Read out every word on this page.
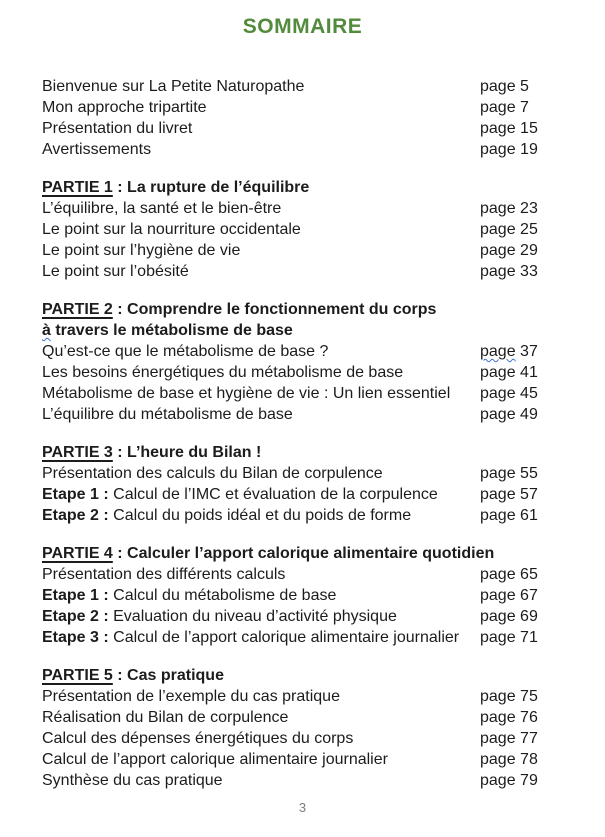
SOMMAIRE
Bienvenue sur La Petite Naturopathe	page 5
Mon approche tripartite	page 7
Présentation du livret	page 15
Avertissements	page 19
PARTIE 1 : La rupture de l’équilibre
L’équilibre, la santé et le bien-être	page 23
Le point sur la nourriture occidentale	page 25
Le point sur l’hygiène de vie	page 29
Le point sur l’obésité	page 33
PARTIE 2 : Comprendre le fonctionnement du corps
à travers le métabolisme de base
Qu’est-ce que le métabolisme de base ?	page 37
Les besoins énergétiques du métabolisme de base	page 41
Métabolisme de base et hygiène de vie : Un lien essentiel	page 45
L’équilibre du métabolisme de base	page 49
PARTIE 3 : L’heure du Bilan !
Présentation des calculs du Bilan de corpulence	page 55
Etape 1 : Calcul de l’IMC et évaluation de la corpulence	page 57
Etape 2 : Calcul du poids idéal et du poids de forme	page 61
PARTIE 4 : Calculer l’apport calorique alimentaire quotidien
Présentation des différents calculs	page 65
Etape 1 : Calcul du métabolisme de base	page 67
Etape 2 : Evaluation du niveau d’activité physique	page 69
Etape 3 : Calcul de l’apport calorique alimentaire journalier	page 71
PARTIE 5 : Cas pratique
Présentation de l’exemple du cas pratique	page 75
Réalisation du Bilan de corpulence	page 76
Calcul des dépenses énergétiques du corps	page 77
Calcul de l’apport calorique alimentaire journalier	page 78
Synthèse du cas pratique	page 79
3
